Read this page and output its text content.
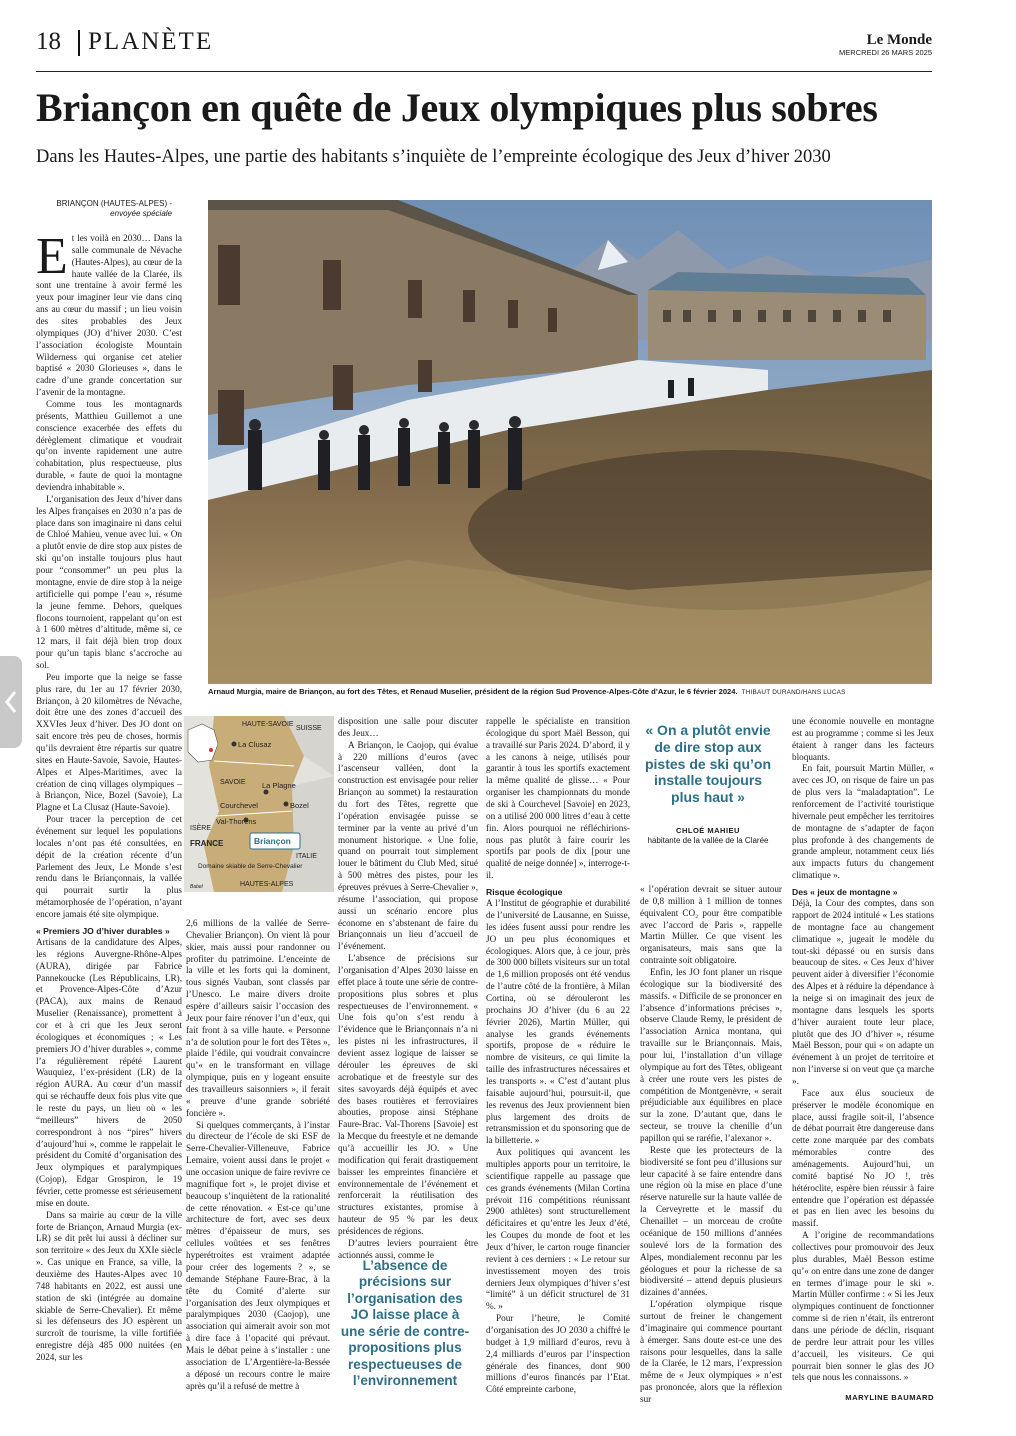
18 PLANÈTE	Le Monde
MERCREDI 26 MARS 2025
Briançon en quête de Jeux olympiques plus sobres
Dans les Hautes-Alpes, une partie des habitants s’inquiète de l’empreinte écologique des Jeux d’hiver 2030
BRIANÇON (HAUTES-ALPES) -
envoyée spéciale
Arnaud Murgia, maire de Briançon, au fort des Têtes, et Renaud Muselier, président de la région Sud Provence-Alpes-Côte d’Azur, le 6 février 2024. THIBAUT DURAND/HANS LUCAS

Et les voilà en 2030… Dans la salle communale de Névache (Hautes-Alpes), au cœur de la haute vallée de la Clarée, ils sont une trentaine à avoir fermé les yeux pour imaginer leur vie dans cinq ans au cœur du massif ; un lieu voisin des sites probables des Jeux olympiques (JO) d’hiver 2030. C’est l’association écologiste Mountain Wilderness qui organise cet atelier baptisé « 2030 Glorieuses », dans le cadre d’une grande concertation sur l’avenir de la montagne.

Comme tous les montagnards présents, Matthieu Guillemot a une conscience exacerbée des effets du dérèglement climatique et voudrait qu’on invente rapidement une autre cohabitation, plus respectueuse, plus durable, « faute de quoi la montagne deviendra inhabitable ».

L’organisation des Jeux d’hiver dans les Alpes françaises en 2030 n’a pas de place dans son imaginaire ni dans celui de Chloé Mahieu, venue avec lui. « On a plutôt envie de dire stop aux pistes de ski qu’on installe toujours plus haut pour “consommer” un peu plus la montagne, envie de dire stop à la neige artificielle qui pompe l’eau », résume la jeune femme. Dehors, quelques flocons tournoient, rappelant qu’on est à 1 600 mètres d’altitude, même si, ce 12 mars, il fait déjà bien trop doux pour qu’un tapis blanc s’accroche au sol.

Peu importe que la neige se fasse plus rare, du 1er au 17 février 2030, Briançon, à 20 kilomètres de Névache, doit être une des zones d’accueil des XXVIes Jeux d’hiver. Des JO dont on sait encore très peu de choses, hormis qu’ils devraient être répartis sur quatre sites en Haute-Savoie, Savoie, Hautes-Alpes et Alpes-Maritimes, avec la création de cinq villages olympiques – à Briançon, Nice, Bozel (Savoie), La Plagne et La Clusaz (Haute-Savoie).

Pour tracer la perception de cet événement sur lequel les populations locales n’ont pas été consultées, en dépit de la création récente d’un Parlement des Jeux, Le Monde s’est rendu dans le Briançonnais, la vallée qui pourrait surtir la plus métamorphosée de l’opération, n’ayant encore jamais été site olympique.

« Premiers JO d’hiver durables »

Artisans de la candidature des Alpes, les régions Auvergne-Rhône-Alpes (AURA), dirigée par Fabrice Pannekoucke (Les Républicains, LR), et Provence-Alpes-Côte d’Azur (PACA), aux mains de Renaud Muselier (Renaissance), promettent à cor et à cri que les Jeux seront écologiques et économiques ; « Les premiers JO d’hiver durables », comme l’a régulièrement répété Laurent Wauquiez, l’ex-président (LR) de la région AURA. Au cœur d’un massif qui se réchauffe deux fois plus vite que le reste du pays, un lieu où « les “meilleurs” hivers de 2050 correspondront à nos “pires” hivers d’aujourd’hui », comme le rappelait le président du Comité d’organisation des Jeux olympiques et paralympiques (Cojop), Edgar Grospiron, le 19 février, cette promesse est sérieusement mise en doute.

Dans sa mairie au cœur de la ville forte de Briançon, Arnaud Murgia (ex-LR) se dit prêt lui aussi à décliner sur son territoire « des Jeux du XXIe siècle ». Cas unique en France, sa ville, la deuxième des Hautes-Alpes avec 10 748 habitants en 2022, est aussi une station de ski (intégrée au domaine skiable de Serre-Chevalier). Et même si les défenseurs des JO espèrent un surcroît de tourisme, la ville fortifiée enregistre déjà 485 000 nuitées (en 2024, sur les

HAUTE-SAVOIE
SUISSE
La Clusaz
SAVOIE La Plagne
Courchevel	Bozel
Val-Thorens
ISÈRE
FRANCE	Briançon
ITALIE
Domaine skiable de Serre-Chevalier
HAUTES-ALPES
Babel

2,6 millions de la vallée de Serre-Chevalier Briançon). On vient là pour skier, mais aussi pour randonner ou profiter du patrimoine. L’enceinte de la ville et les forts qui la dominent, tous signés Vauban, sont classés par l’Unesco. Le maire divers droite espère d’ailleurs saisir l’occasion des Jeux pour faire rénover l’un d’eux, qui fait front à sa ville haute. « Personne n’a de solution pour le fort des Têtes », plaide l’édile, qui voudrait convaincre qu’« en le transformant en village olympique, puis en y logeant ensuite des travailleurs saisonniers », il ferait « preuve d’une grande sobriété foncière ».

Si quelques commerçants, à l’instar du directeur de l’école de ski ESF de Serre-Chevalier-Villeneuve, Fabrice Lemaire, voient aussi dans le projet « une occasion unique de faire revivre ce magnifique fort », le projet divise et beaucoup s’inquiètent de la rationalité de cette rénovation. « Est-ce qu’une architecture de fort, avec ses deux mètres d’épaisseur de murs, ses cellules voûtées et ses fenêtres hyperétroites est vraiment adaptée pour créer des logements ? », se demande Stéphane Faure-Brac, à la tête du Comité d’alerte sur l’organisation des Jeux olympiques et paralympiques 2030 (Caojop), une association qui aimerait avoir son mot à dire face à l’opacité qui prévaut. Mais le débat peine à s’installer : une association de L’Argentière-la-Bessée a déposé un recours contre le maire après qu’il a refusé de mettre à

disposition une salle pour discuter des Jeux…

A Briançon, le Caojop, qui évalue à 220 millions d’euros (avec l’ascenseur valléen, dont la construction est envisagée pour relier Briançon au sommet) la restauration du fort des Têtes, regrette que l’opération envisagée puisse se terminer par la vente au privé d’un monument historique. « Une folie, quand on pourrait tout simplement louer le bâtiment du Club Med, situé à 500 mètres des pistes, pour les épreuves prévues à Serre-Chevalier », résume l’association, qui propose aussi un scénario encore plus économe en s’abstenant de faire du Briançonnais un lieu d’accueil de l’événement.

L’absence de précisions sur l’organisation d’Alpes 2030 laisse en effet place à toute une série de contre-propositions plus sobres et plus respectueuses de l’environnement. « Une fois qu’on s’est rendu à l’évidence que le Briançonnais n’a ni les pistes ni les infrastructures, il devient assez logique de laisser se dérouler les épreuves de ski acrobatique et de freestyle sur des sites savoyards déjà équipés et avec des bases routières et ferroviaires abouties, propose ainsi Stéphane Faure-Brac. Val-Thorens [Savoie] est la Mecque du freestyle et ne demande qu’à accueillir les JO. » Une modification qui ferait drastiquement baisser les empreintes financière et environnementale de l’événement et renforcerait la réutilisation des structures existantes, promise à hauteur de 95 % par les deux présidences de régions.

D’autres leviers pourraient être actionnés aussi, comme le

L’absence de précisions sur l’organisation des JO laisse place à une série de contre-propositions plus respectueuses de l’environnement

rappelle le spécialiste en transition écologique du sport Maël Besson, qui a travaillé sur Paris 2024. D’abord, il y a les canons à neige, utilisés pour garantir à tous les sportifs exactement la même qualité de glisse… « Pour organiser les championnats du monde de ski à Courchevel [Savoie] en 2023, on a utilisé 200 000 litres d’eau à cette fin. Alors pourquoi ne réfléchirions-nous pas plutôt à faire courir les sportifs par pools de dix [pour une qualité de neige donnée] », interroge-t-il.

Risque écologique

A l’Institut de géographie et durabilité de l’université de Lausanne, en Suisse, les idées fusent aussi pour rendre les JO un peu plus économiques et écologiques. Alors que, à ce jour, près de 300 000 billets visiteurs sur un total de 1,6 million proposés ont été vendus de l’autre côté de la frontière, à Milan Cortina, où se dérouleront les prochains JO d’hiver (du 6 au 22 février 2026), Martin Müller, qui analyse les grands événements sportifs, propose de « réduire le nombre de visiteurs, ce qui limite la taille des infrastructures nécessaires et les transports ». « C’est d’autant plus faisable aujourd’hui, poursuit-il, que les revenus des Jeux proviennent bien plus largement des droits de retransmission et du sponsoring que de la billetterie. »

Aux politiques qui avancent les multiples apports pour un territoire, le scientifique rappelle au passage que ces grands événements (Milan Cortina prévoit 116 compétitions réunissant 2900 athlètes) sont structurellement déficitaires et qu’entre les Jeux d’été, les Coupes du monde de foot et les Jeux d’hiver, le carton rouge financier revient à ces derniers : « Le retour sur investissement moyen des trois derniers Jeux olympiques d’hiver s’est “limité” à un déficit structurel de 31 %. »

Pour l’heure, le Comité d’organisation des JO 2030 a chiffré le budget à 1,9 milliard d’euros, revu à 2,4 milliards d’euros par l’inspection générale des finances, dont 900 millions d’euros financés par l’Etat. Côté empreinte carbone,

« On a plutôt envie de dire stop aux pistes de ski qu’on installe toujours plus haut »
CHLOÉ MAHIEU
habitante de la vallée de la Clarée

« l’opération devrait se situer autour de 0,8 million à 1 million de tonnes équivalent CO₂ pour être compatible avec l’accord de Paris », rappelle Martin Müller. Ce que visent les organisateurs, mais sans que la contrainte soit obligatoire.

Enfin, les JO font planer un risque écologique sur la biodiversité des massifs. « Difficile de se prononcer en l’absence d’informations précises », observe Claude Remy, le président de l’association Arnica montana, qui travaille sur le Briançonnais. Mais, pour lui, l’installation d’un village olympique au fort des Têtes, obligeant à créer une route vers les pistes de compétition de Montgenèvre, « serait préjudiciable aux équilibres en place sur la zone. D’autant que, dans le secteur, se trouve la chenille d’un papillon qui se raréfie, l’alexanor ».

Reste que les protecteurs de la biodiversité se font peu d’illusions sur leur capacité à se faire entendre dans une région où la mise en place d’une réserve naturelle sur la haute vallée de la Cerveyrette et le massif du Chenaillet – un morceau de croûte océanique de 150 millions d’années soulevé lors de la formation des Alpes, mondialement reconnu par les géologues et pour la richesse de sa biodiversité – attend depuis plusieurs dizaines d’années.

L’opération olympique risque surtout de freiner le changement d’imaginaire qui commence pourtant à émerger. Sans doute est-ce une des raisons pour lesquelles, dans la salle de la Clarée, le 12 mars, l’expression même de « Jeux olympiques » n’est pas prononcée, alors que la réflexion sur

une économie nouvelle en montagne est au programme ; comme si les Jeux étaient à ranger dans les facteurs bloquants.

En fait, poursuit Martin Müller, « avec ces JO, on risque de faire un pas de plus vers la “maladaptation”. Le renforcement de l’activité touristique hivernale peut empêcher les territoires de montagne de s’adapter de façon plus profonde à des changements de grande ampleur, notamment ceux liés aux impacts futurs du changement climatique ».

Des « jeux de montagne »

Déjà, la Cour des comptes, dans son rapport de 2024 intitulé « Les stations de montagne face au changement climatique », jugeait le modèle du tout-ski dépassé ou en sursis dans beaucoup de sites. « Ces Jeux d’hiver peuvent aider à diversifier l’économie des Alpes et à réduire la dépendance à la neige si on imaginait des jeux de montagne dans lesquels les sports d’hiver auraient toute leur place, plutôt que des JO d’hiver », résume Maël Besson, pour qui « on adapte un événement à un projet de territoire et non l’inverse si on veut que ça marche ».

Face aux élus soucieux de préserver le modèle économique en place, aussi fragile soit-il, l’absence de débat pourrait être dangereuse dans cette zone marquée par des combats mémorables contre des aménagements. Aujourd’hui, un comité baptisé No JO !, très hétéroclite, espère bien réussir à faire entendre que l’opération est dépassée et pas en lien avec les besoins du massif.

A l’origine de recommandations collectives pour promouvoir des Jeux plus durables, Maël Besson estime qu’« on entre dans une zone de danger en termes d’image pour le ski ». Martin Müller confirme : « Si les Jeux olympiques continuent de fonctionner comme si de rien n’était, ils entreront dans une période de déclin, risquant de perdre leur attrait pour les villes d’accueil, les visiteurs. Ce qui pourrait bien sonner le glas des JO tels que nous les connaissons. »

MARYLINE BAUMARD
